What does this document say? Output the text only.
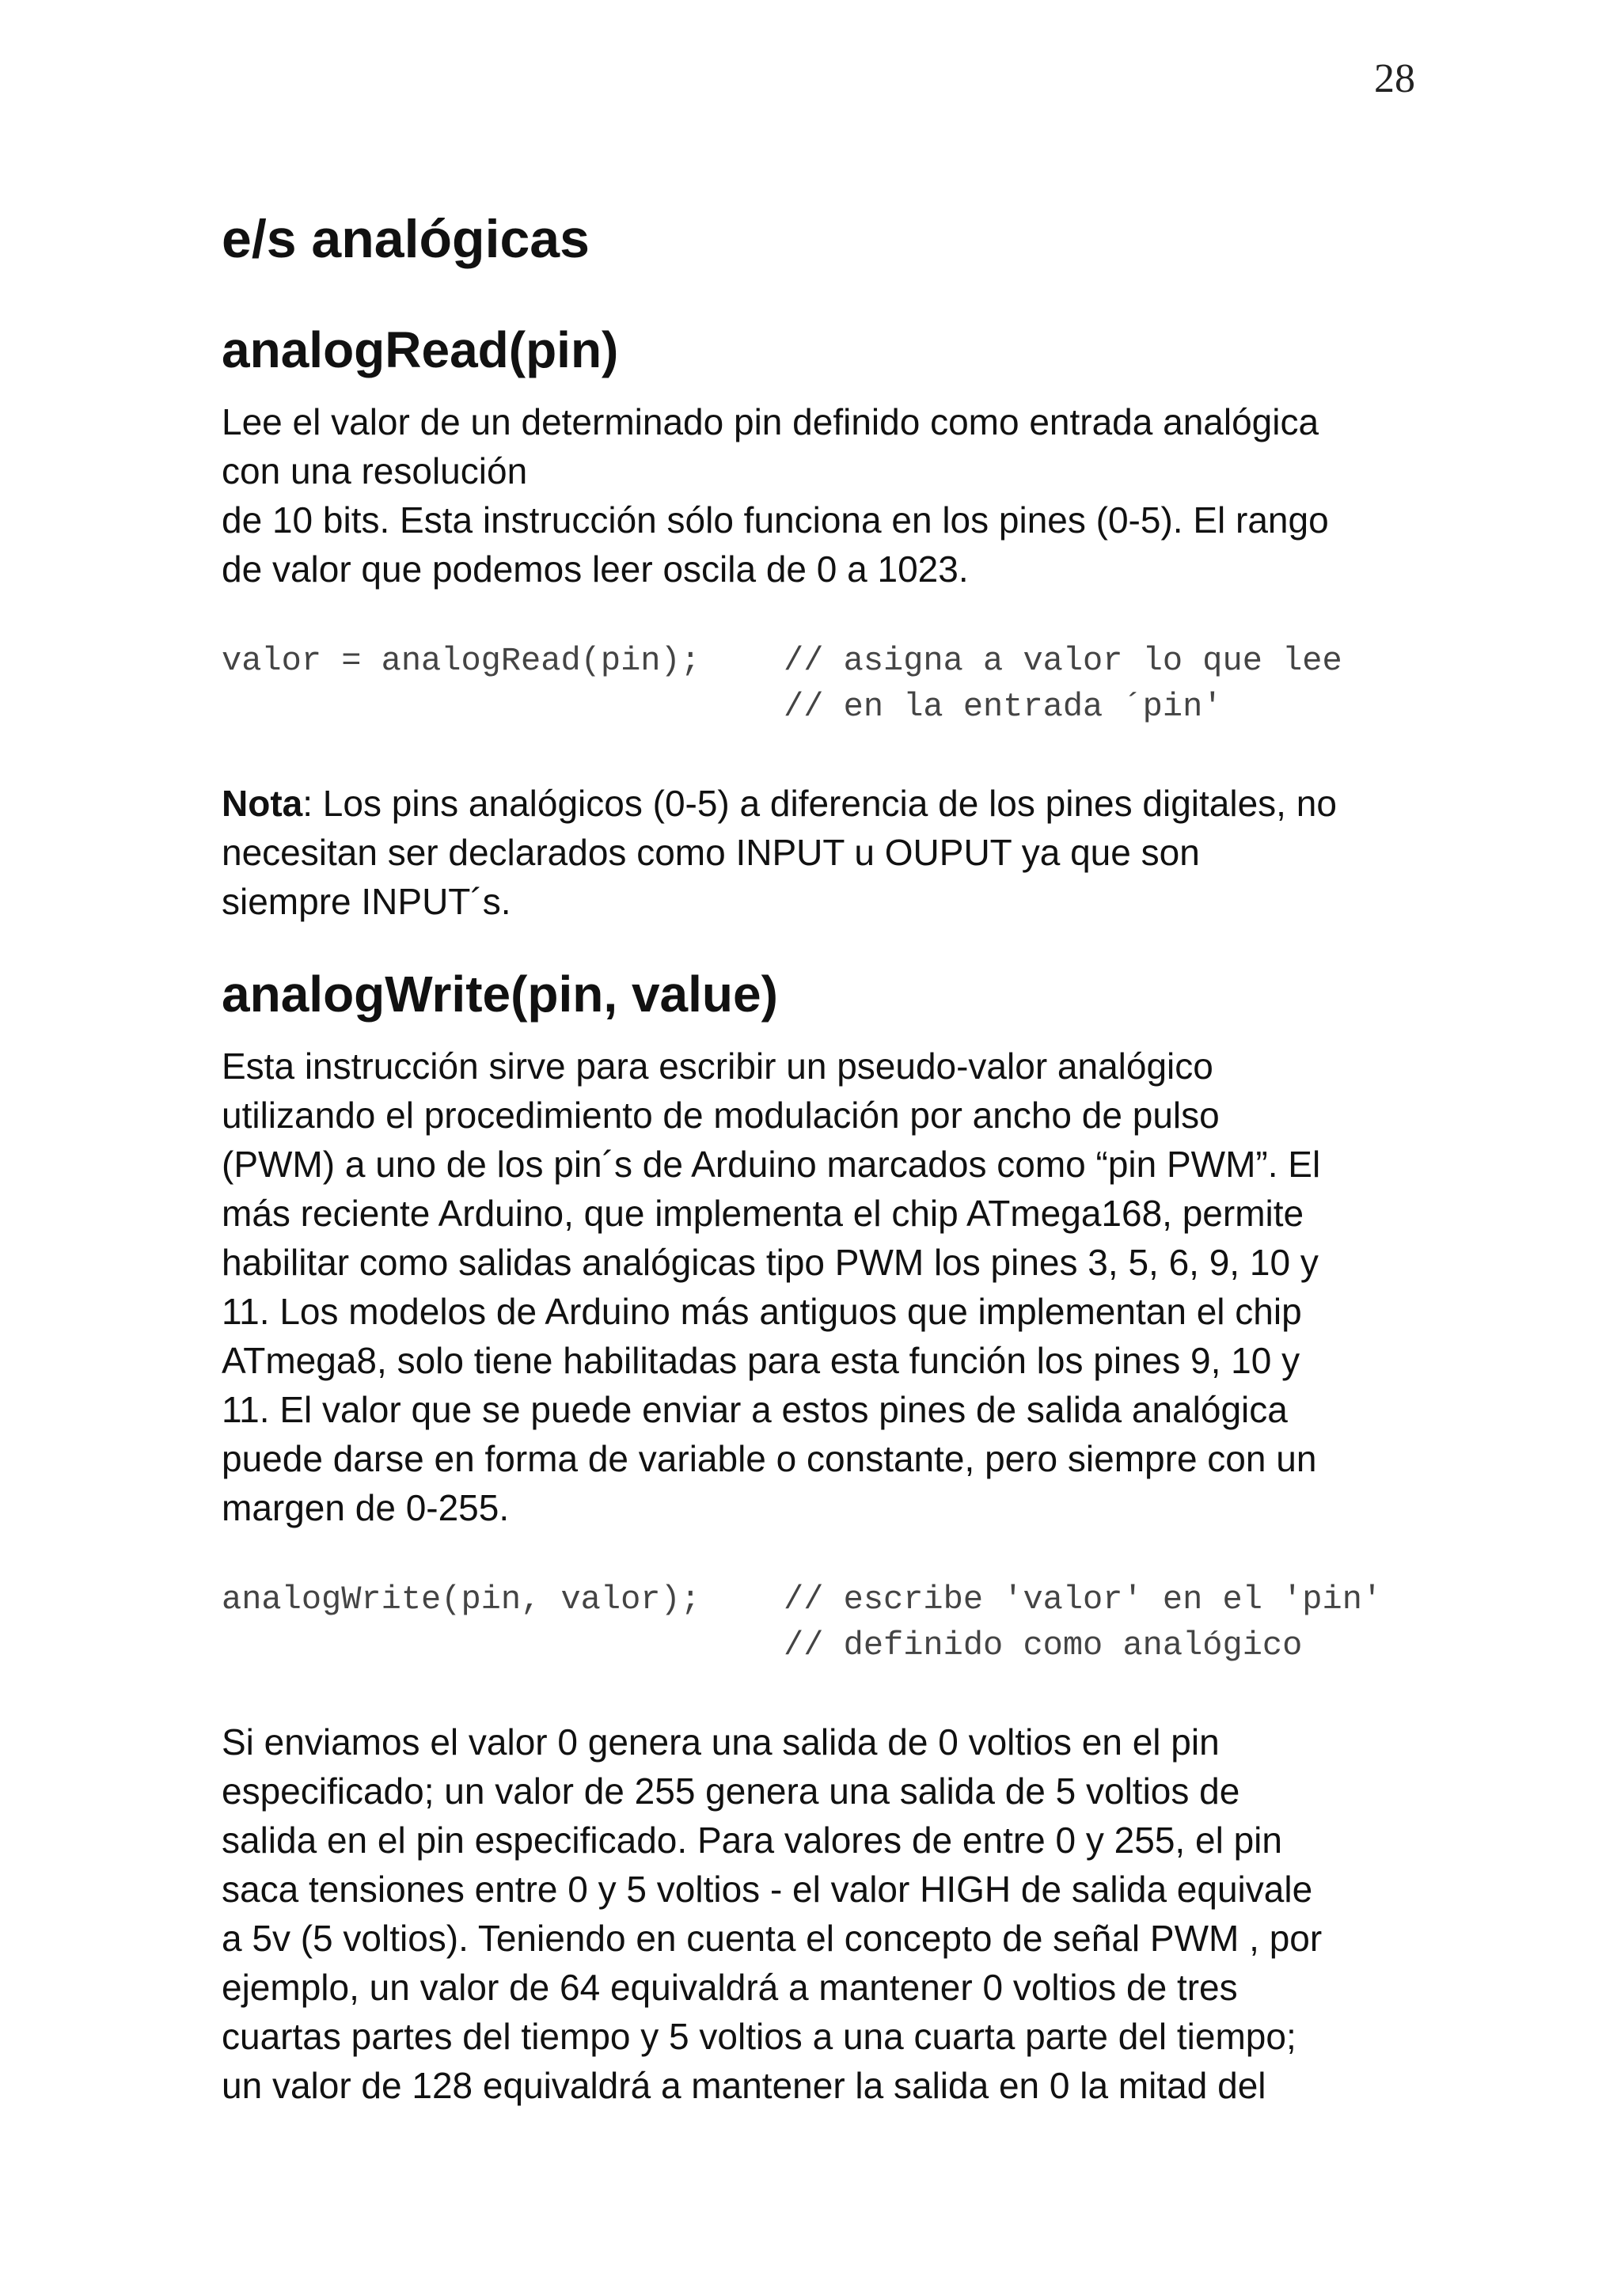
28
e/s analógicas
analogRead(pin)

Lee el valor de un determinado pin definido como entrada analógica
con una resolución
de 10 bits. Esta instrucción sólo funciona en los pines (0-5). El rango
de valor que podemos leer oscila de 0 a 1023.

valor = analogRead(pin);	// asigna a valor lo que lee
// en la entrada ´pin'

Nota: Los pins analógicos (0-5) a diferencia de los pines digitales, no
necesitan ser declarados como INPUT u OUPUT ya que son
siempre INPUT´s.

analogWrite(pin, value)

Esta instrucción sirve para escribir un pseudo-valor analógico
utilizando el procedimiento de modulación por ancho de pulso
(PWM) a uno de los pin´s de Arduino marcados como “pin PWM”. El
más reciente Arduino, que implementa el chip ATmega168, permite
habilitar como salidas analógicas tipo PWM los pines 3, 5, 6, 9, 10 y
11. Los modelos de Arduino más antiguos que implementan el chip
ATmega8, solo tiene habilitadas para esta función los pines 9, 10 y
11. El valor que se puede enviar a estos pines de salida analógica
puede darse en forma de variable o constante, pero siempre con un
margen de 0-255.

analogWrite(pin, valor);	// escribe 'valor' en el 'pin'
// definido como analógico

Si enviamos el valor 0 genera una salida de 0 voltios en el pin
especificado; un valor de 255 genera una salida de 5 voltios de
salida en el pin especificado. Para valores de entre 0 y 255, el pin
saca tensiones entre 0 y 5 voltios - el valor HIGH de salida equivale
a 5v (5 voltios). Teniendo en cuenta el concepto de señal PWM , por
ejemplo, un valor de 64 equivaldrá a mantener 0 voltios de tres
cuartas partes del tiempo y 5 voltios a una cuarta parte del tiempo;
un valor de 128 equivaldrá a mantener la salida en 0 la mitad del
